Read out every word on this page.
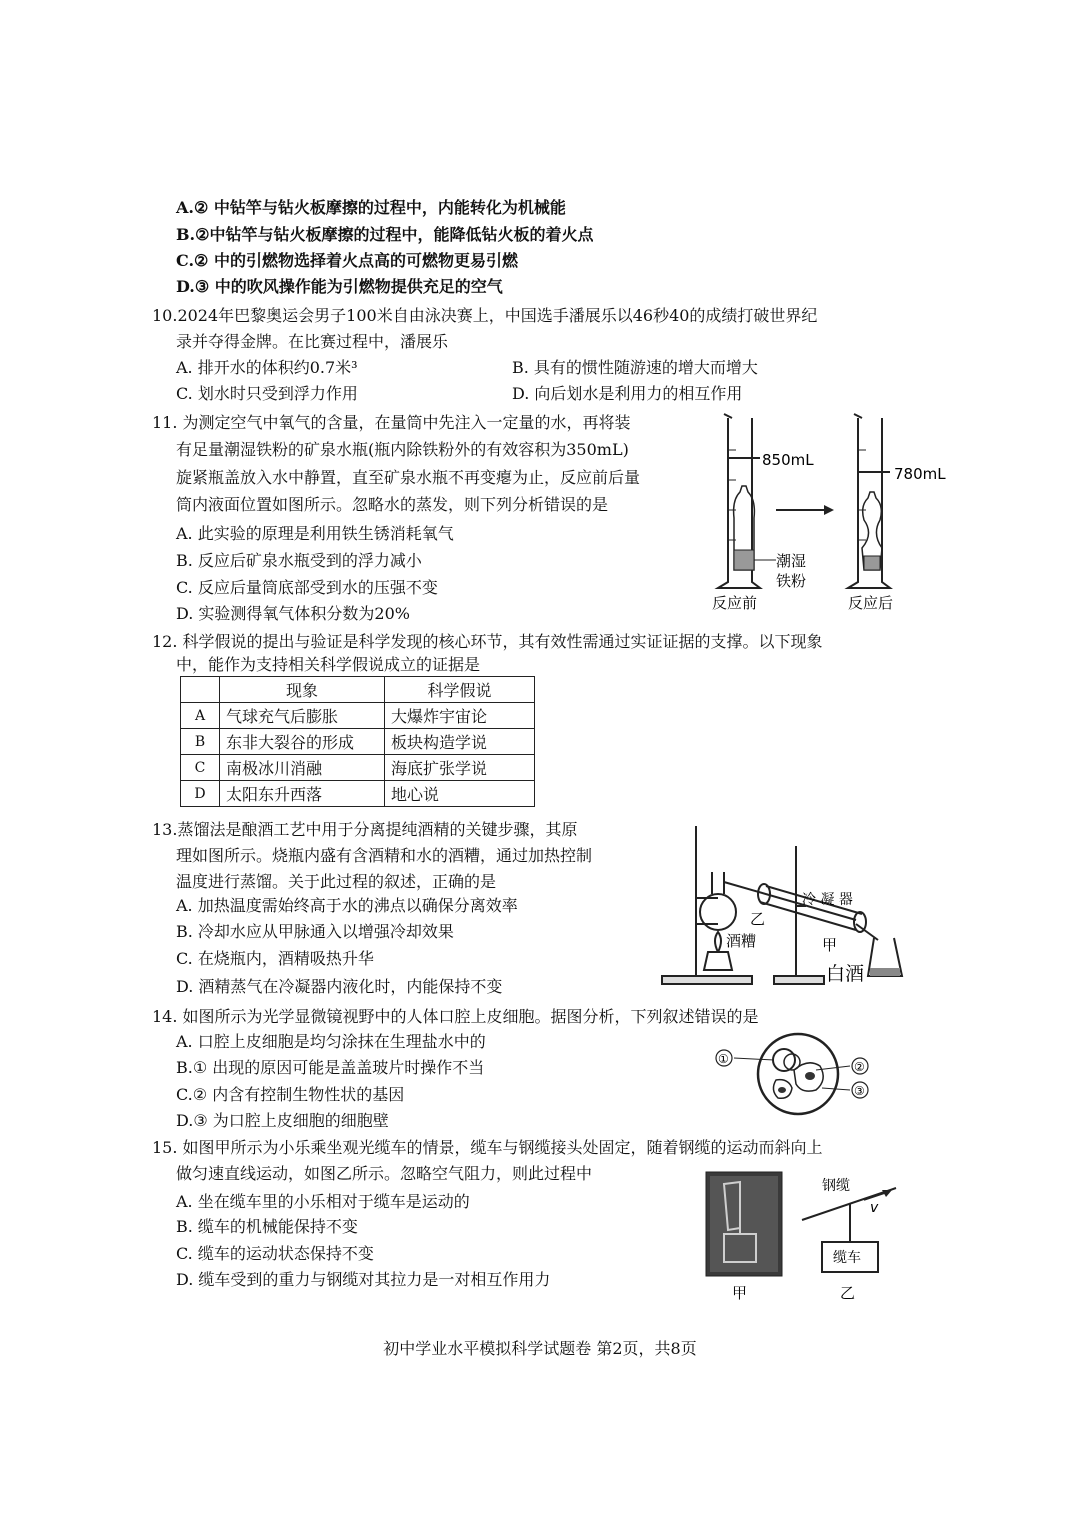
A.② 中钻竿与钻火板摩擦的过程中，内能转化为机械能
B.②中钻竿与钻火板摩擦的过程中，能降低钻火板的着火点
C.② 中的引燃物选择着火点高的可燃物更易引燃
D.③ 中的吹风操作能为引燃物提供充足的空气
10.2024年巴黎奥运会男子100米自由泳决赛上，中国选手潘展乐以46秒40的成绩打破世界纪
录并夺得金牌。在比赛过程中，潘展乐
A. 排开水的体积约0.7米³	B. 具有的惯性随游速的增大而增大
C. 划水时只受到浮力作用	D. 向后划水是利用力的相互作用
11. 为测定空气中氧气的含量，在量筒中先注入一定量的水，再将装
有足量潮湿铁粉的矿泉水瓶(瓶内除铁粉外的有效容积为350mL)
旋紧瓶盖放入水中静置，直至矿泉水瓶不再变瘪为止，反应前后量
筒内液面位置如图所示。忽略水的蒸发，则下列分析错误的是
A. 此实验的原理是利用铁生锈消耗氧气
B. 反应后矿泉水瓶受到的浮力减小
C. 反应后量筒底部受到水的压强不变
D. 实验测得氧气体积分数为20%
850mL
780mL
潮湿
铁粉
反应前	反应后
12. 科学假说的提出与验证是科学发现的核心环节，其有效性需通过实证证据的支撑。以下现象
中，能作为支持相关科学假说成立的证据是
	现象	科学假说
A	气球充气后膨胀	大爆炸宇宙论
B	东非大裂谷的形成	板块构造学说
C	南极冰川消融	海底扩张学说
D	太阳东升西落	地心说
13.蒸馏法是酿酒工艺中用于分离提纯酒精的关键步骤，其原
理如图所示。烧瓶内盛有含酒精和水的酒糟，通过加热控制
温度进行蒸馏。关于此过程的叙述，正确的是
A. 加热温度需始终高于水的沸点以确保分离效率
B. 冷却水应从甲脉通入以增强冷却效果
C. 在烧瓶内，酒精吸热升华
D. 酒精蒸气在冷凝器内液化时，内能保持不变
冷 凝 器
乙
酒糟	甲
白酒
14. 如图所示为光学显微镜视野中的人体口腔上皮细胞。据图分析，下列叙述错误的是
A. 口腔上皮细胞是均匀涂抹在生理盐水中的
B.① 出现的原因可能是盖盖玻片时操作不当
C.② 内含有控制生物性状的基因
D.③ 为口腔上皮细胞的细胞壁
①
②
③
15. 如图甲所示为小乐乘坐观光缆车的情景，缆车与钢缆接头处固定，随着钢缆的运动而斜向上
做匀速直线运动，如图乙所示。忽略空气阻力，则此过程中
A. 坐在缆车里的小乐相对于缆车是运动的
B. 缆车的机械能保持不变
C. 缆车的运动状态保持不变
D. 缆车受到的重力与钢缆对其拉力是一对相互作用力
钢缆
v
缆车
甲	乙
初中学业水平模拟科学试题卷 第2页，共8页
